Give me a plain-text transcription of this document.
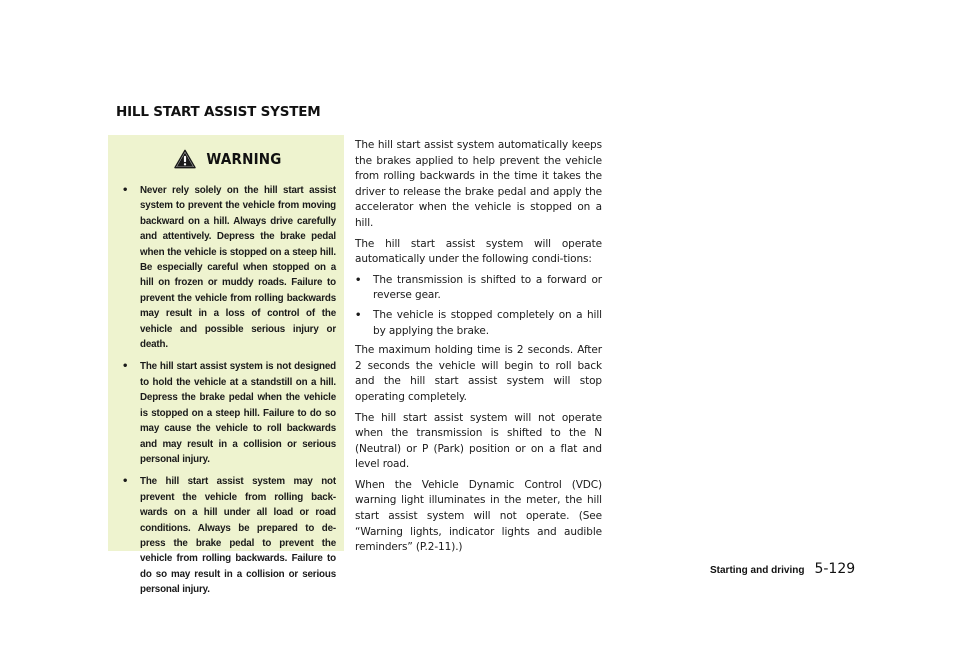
HILL START ASSIST SYSTEM
WARNING
• Never rely solely on the hill start assist system to prevent the vehicle from moving backward on a hill. Always drive carefully and attentively. Depress the brake pedal when the vehicle is stopped on a steep hill. Be especially careful when stopped on a hill on frozen or muddy roads. Failure to prevent the vehicle from rolling backwards may result in a loss of control of the vehicle and possible serious injury or death.
• The hill start assist system is not designed to hold the vehicle at a standstill on a hill. Depress the brake pedal when the vehicle is stopped on a steep hill. Failure to do so may cause the vehicle to roll backwards and may result in a collision or serious personal injury.
• The hill start assist system may not prevent the vehicle from rolling back-wards on a hill under all load or road conditions. Always be prepared to de-press the brake pedal to prevent the vehicle from rolling backwards. Failure to do so may result in a collision or serious personal injury.

The hill start assist system automatically keeps the brakes applied to help prevent the vehicle from rolling backwards in the time it takes the driver to release the brake pedal and apply the accelerator when the vehicle is stopped on a hill.

The hill start assist system will operate automatically under the following condi-tions:

• The transmission is shifted to a forward or reverse gear.
• The vehicle is stopped completely on a hill by applying the brake.

The maximum holding time is 2 seconds. After 2 seconds the vehicle will begin to roll back and the hill start assist system will stop operating completely.

The hill start assist system will not operate when the transmission is shifted to the N (Neutral) or P (Park) position or on a flat and level road.

When the Vehicle Dynamic Control (VDC) warning light illuminates in the meter, the hill start assist system will not operate. (See “Warning lights, indicator lights and audible reminders” (P.2-11).)

Starting and driving 5-129
